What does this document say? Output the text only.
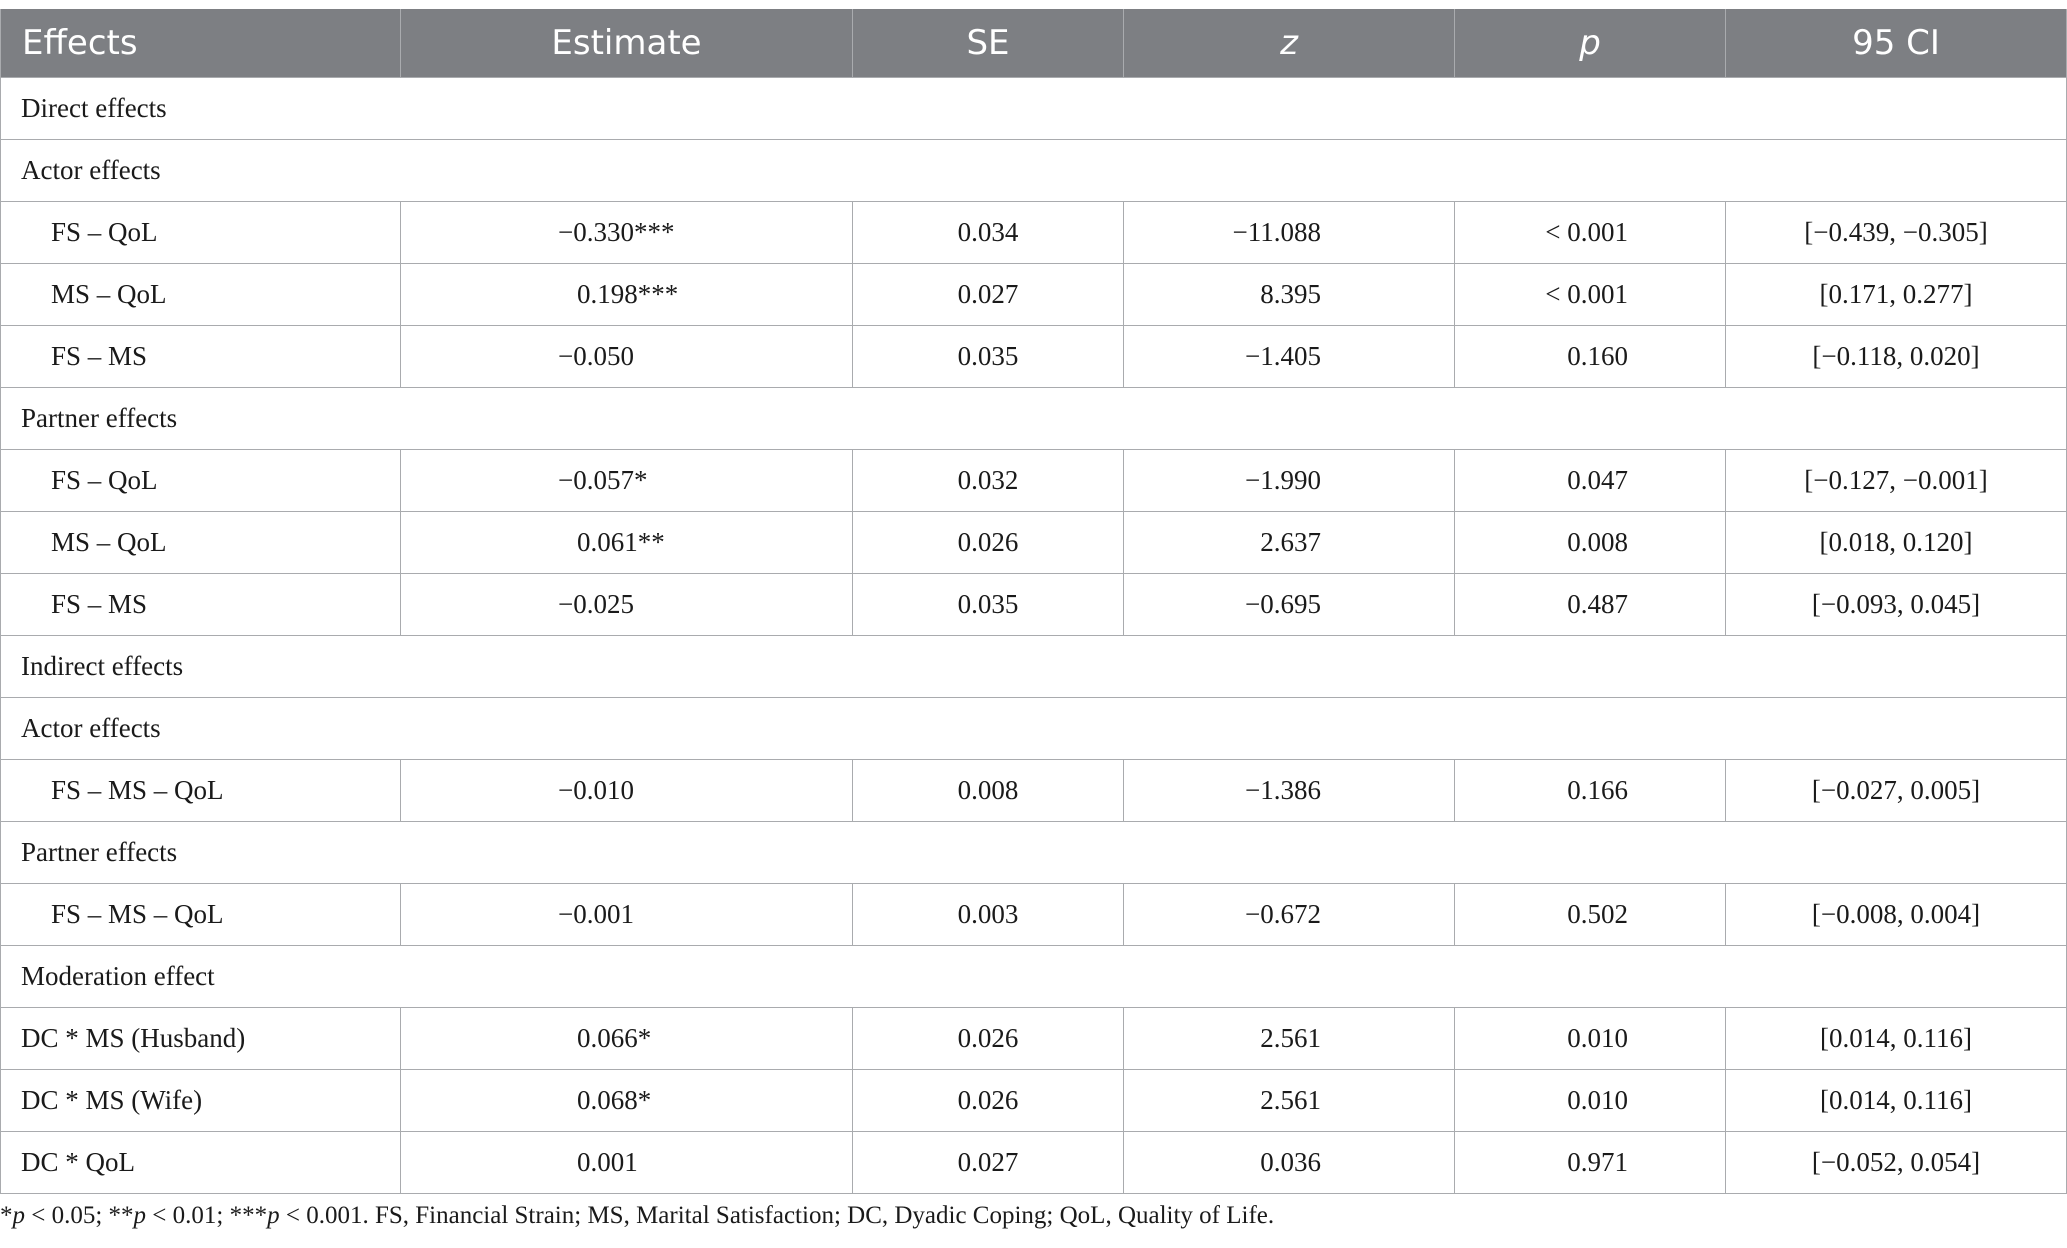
Effects	Estimate	SE	z	p	95 CI
Direct effects					
Actor effects					
FS – QoL	−0.330***	0.034	−11.088	< 0.001	[−0.439, −0.305]
MS – QoL	0.198***	0.027	8.395	< 0.001	[0.171, 0.277]
FS – MS	−0.050	0.035	−1.405	0.160	[−0.118, 0.020]
Partner effects					
FS – QoL	−0.057*	0.032	−1.990	0.047	[−0.127, −0.001]
MS – QoL	0.061**	0.026	2.637	0.008	[0.018, 0.120]
FS – MS	−0.025	0.035	−0.695	0.487	[−0.093, 0.045]
Indirect effects					
Actor effects					
FS – MS – QoL	−0.010	0.008	−1.386	0.166	[−0.027, 0.005]
Partner effects					
FS – MS – QoL	−0.001	0.003	−0.672	0.502	[−0.008, 0.004]
Moderation effect					
DC * MS (Husband)	0.066*	0.026	2.561	0.010	[0.014, 0.116]
DC * MS (Wife)	0.068*	0.026	2.561	0.010	[0.014, 0.116]
DC * QoL	0.001	0.027	0.036	0.971	[−0.052, 0.054]
*p < 0.05; **p < 0.01; ***p < 0.001. FS, Financial Strain; MS, Marital Satisfaction; DC, Dyadic Coping; QoL, Quality of Life.
